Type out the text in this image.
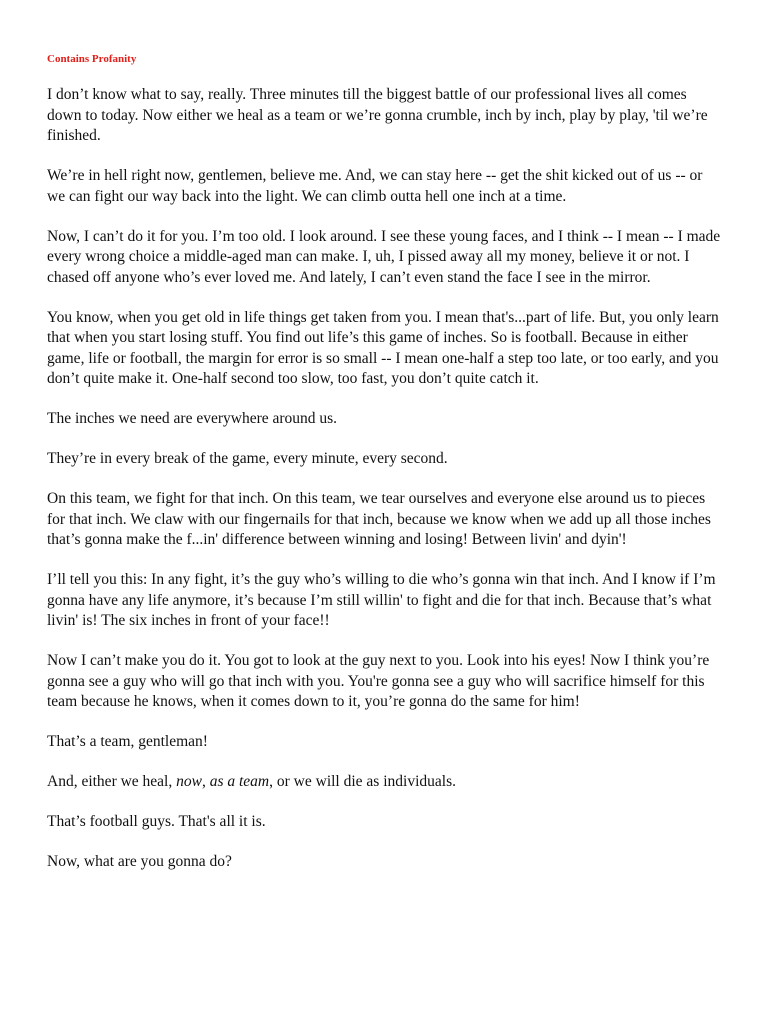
Contains Profanity

I don’t know what to say, really. Three minutes till the biggest battle of our professional lives all comes down to today. Now either we heal as a team or we’re gonna crumble, inch by inch, play by play, 'til we’re finished.

We’re in hell right now, gentlemen, believe me. And, we can stay here -- get the shit kicked out of us -- or we can fight our way back into the light. We can climb outta hell one inch at a time.

Now, I can’t do it for you. I’m too old. I look around. I see these young faces, and I think -- I mean -- I made every wrong choice a middle-aged man can make. I, uh, I pissed away all my money, believe it or not. I chased off anyone who’s ever loved me. And lately, I can’t even stand the face I see in the mirror.

You know, when you get old in life things get taken from you. I mean that's...part of life. But, you only learn that when you start losing stuff. You find out life’s this game of inches. So is football. Because in either game, life or football, the margin for error is so small -- I mean one-half a step too late, or too early, and you don’t quite make it. One-half second too slow, too fast, you don’t quite catch it.

The inches we need are everywhere around us.

They’re in every break of the game, every minute, every second.

On this team, we fight for that inch. On this team, we tear ourselves and everyone else around us to pieces for that inch. We claw with our fingernails for that inch, because we know when we add up all those inches that’s gonna make the f...in' difference between winning and losing! Between livin' and dyin'!

I’ll tell you this: In any fight, it’s the guy who’s willing to die who’s gonna win that inch. And I know if I’m gonna have any life anymore, it’s because I’m still willin' to fight and die for that inch. Because that’s what livin' is! The six inches in front of your face!!

Now I can’t make you do it. You got to look at the guy next to you. Look into his eyes! Now I think you’re gonna see a guy who will go that inch with you. You're gonna see a guy who will sacrifice himself for this team because he knows, when it comes down to it, you’re gonna do the same for him!

That’s a team, gentleman!

And, either we heal, now, as a team, or we will die as individuals.

That’s football guys. That's all it is.

Now, what are you gonna do?
